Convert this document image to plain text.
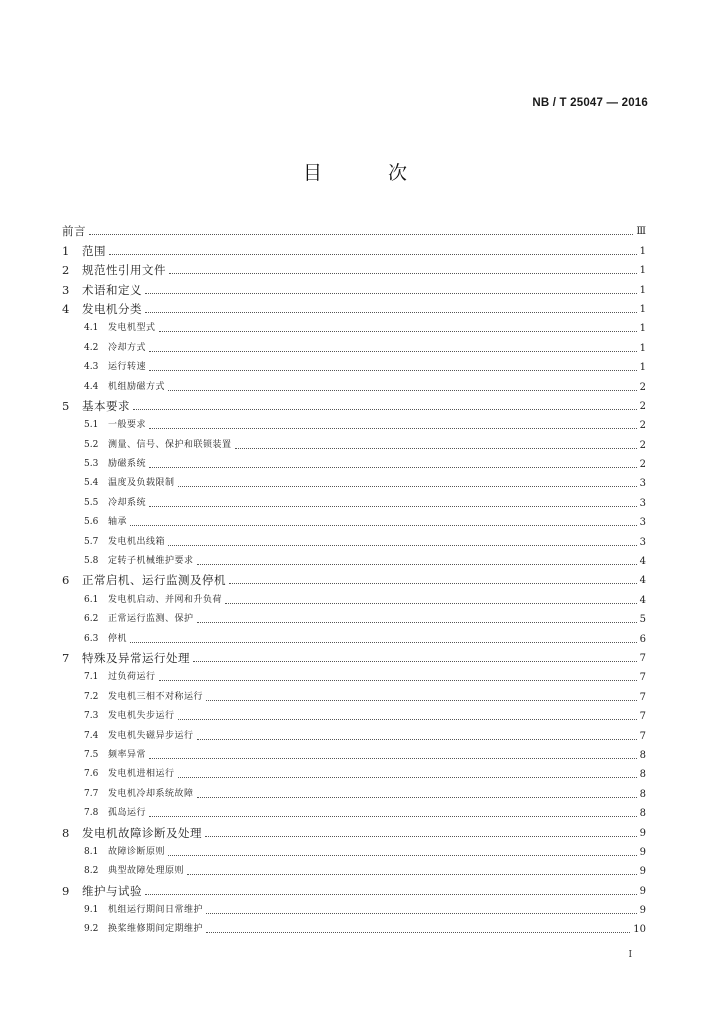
NB / T 25047 — 2016
目 次
前言	Ⅲ
1	范围	1
2	规范性引用文件	1
3	术语和定义	1
4	发电机分类	1
4.1	发电机型式	1
4.2	冷却方式	1
4.3	运行转速	1
4.4	机组励磁方式	2
5	基本要求	2
5.1	一般要求	2
5.2	测量、信号、保护和联锁装置	2
5.3	励磁系统	2
5.4	温度及负载限制	3
5.5	冷却系统	3
5.6	轴承	3
5.7	发电机出线箱	3
5.8	定转子机械维护要求	4
6	正常启机、运行监测及停机	4
6.1	发电机启动、并网和升负荷	4
6.2	正常运行监测、保护	5
6.3	停机	6
7	特殊及异常运行处理	7
7.1	过负荷运行	7
7.2	发电机三相不对称运行	7
7.3	发电机失步运行	7
7.4	发电机失磁异步运行	7
7.5	频率异常	8
7.6	发电机进相运行	8
7.7	发电机冷却系统故障	8
7.8	孤岛运行	8
8	发电机故障诊断及处理	9
8.1	故障诊断原则	9
8.2	典型故障处理原则	9
9	维护与试验	9
9.1	机组运行期间日常维护	9
9.2	换桨维修期间定期维护	10
I
